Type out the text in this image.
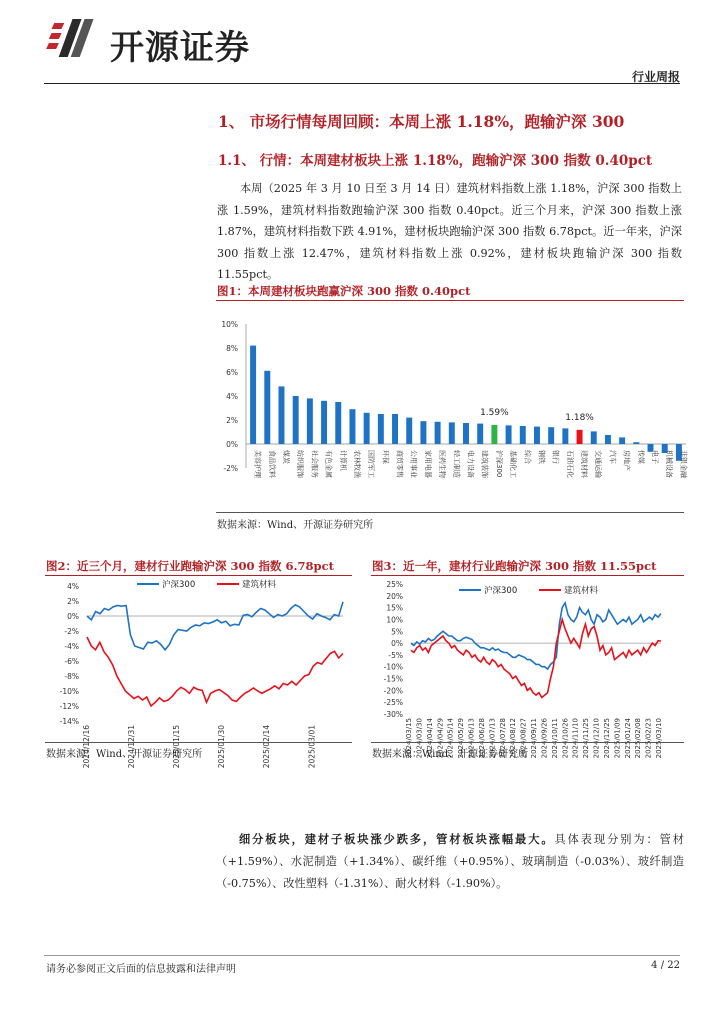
开源证券
行业周报
1、 市场行情每周回顾：本周上涨 1.18%，跑输沪深 300
1.1、 行情：本周建材板块上涨 1.18%，跑输沪深 300 指数 0.40pct
本周（2025 年 3 月 10 日至 3 月 14 日）建筑材料指数上涨 1.18%，沪深 300 指数上涨 1.59%，建筑材料指数跑输沪深 300 指数 0.40pct。近三个月来，沪深 300 指数上涨 1.87%，建筑材料指数下跌 4.91%，建材板块跑输沪深 300 指数 6.78pct。近一年来，沪深 300 指数上涨 12.47%，建筑材料指数上涨 0.92%，建材板块跑输沪深 300 指数 11.55pct。
图1：本周建材板块跑赢沪深 300 指数 0.40pct
-2%
0%
2%
4%
6%
8%
10%
美容护理 食品饮料 煤炭 纺织服饰 社会服务 有色金属 计算机 农林牧渔 国防军工 环保 商贸零售 公用事业 家用电器 医药生物 轻工制造 电力设备 建筑装饰 沪深300 基础化工 综合 钢铁 银行 石油石化 建筑材料 交通运输 汽车 房地产 传媒 电子 机械设备 非银金融
1.59%	1.18%
数据来源：Wind、开源证券研究所
图2：近三个月，建材行业跑输沪深 300 指数 6.78pct
4%
2%
0%
-2%
-4%
-6%
-8%
-10%
-12%
-14%
2024/12/16	2024/12/31	2025/01/15	2025/01/30	2025/02/14	2025/03/01
沪深300	建筑材料
数据来源：Wind、开源证券研究所
图3：近一年，建材行业跑输沪深 300 指数 11.55pct
25%
20%
15%
10%
5%
0%
-5%
-10%
-15%
-20%
-25%
-30%
2024/03/15 2024/03/30 2024/04/14 2024/04/29 2024/05/14 2024/05/29 2024/06/13 2024/06/28 2024/07/13 2024/07/28 2024/08/12 2024/08/27 2024/09/11 2024/09/26 2024/10/11 2024/10/26 2024/11/10 2024/11/25 2024/12/10 2024/12/25 2025/01/09 2025/01/24 2025/02/08 2025/02/23 2025/03/10
沪深300	建筑材料
数据来源：Wind、开源证券研究所
细分板块，建材子板块涨少跌多，管材板块涨幅最大。具体表现分别为：管材（+1.59%）、水泥制造（+1.34%）、碳纤维（+0.95%）、玻璃制造（-0.03%）、玻纤制造（-0.75%）、改性塑料（-1.31%）、耐火材料（-1.90%）。
请务必参阅正文后面的信息披露和法律声明	4 / 22
